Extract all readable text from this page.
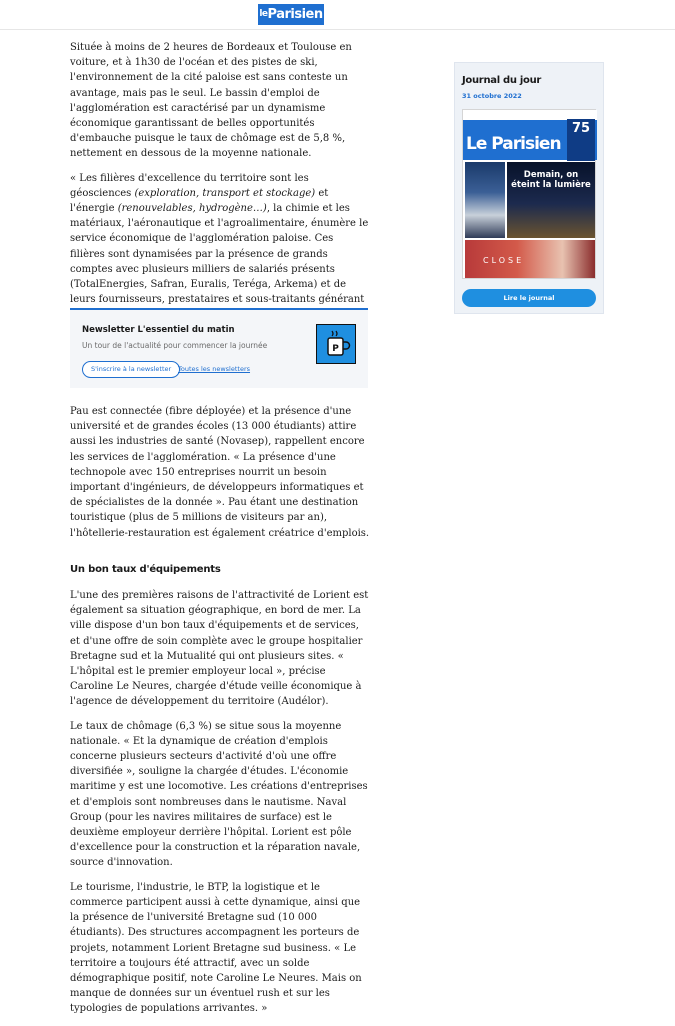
$^{le}$Parisien

Située à moins de 2 heures de Bordeaux et Toulouse en voiture, et à 1h30 de l'océan et des pistes de ski, l'environnement de la cité paloise est sans conteste un avantage, mais pas le seul. Le bassin d'emploi de l'agglomération est caractérisé par un dynamisme économique garantissant de belles opportunités d'embauche puisque le taux de chômage est de 5,8 %, nettement en dessous de la moyenne nationale.

« Les filières d'excellence du territoire sont les géosciences (exploration, transport et stockage) et l'énergie (renouvelables, hydrogène…), la chimie et les matériaux, l'aéronautique et l'agroalimentaire, énumère le service économique de l'agglomération paloise. Ces filières sont dynamisées par la présence de grands comptes avec plusieurs milliers de salariés présents (TotalEnergies, Safran, Euralis, Teréga, Arkema) et de leurs fournisseurs, prestataires et sous-traitants générant

Newsletter L'essentiel du matin
Un tour de l'actualité pour commencer la journée
S'inscrire à la newsletter	Toutes les newsletters
P

Pau est connectée (fibre déployée) et la présence d'une université et de grandes écoles (13 000 étudiants) attire aussi les industries de santé (Novasep), rappellent encore les services de l'agglomération. « La présence d'une technopole avec 150 entreprises nourrit un besoin important d'ingénieurs, de développeurs informatiques et de spécialistes de la donnée ». Pau étant une destination touristique (plus de 5 millions de visiteurs par an), l'hôtellerie-restauration est également créatrice d'emplois.

Un bon taux d'équipements

L'une des premières raisons de l'attractivité de Lorient est également sa situation géographique, en bord de mer. La ville dispose d'un bon taux d'équipements et de services, et d'une offre de soin complète avec le groupe hospitalier Bretagne sud et la Mutualité qui ont plusieurs sites. « L'hôpital est le premier employeur local », précise Caroline Le Neures, chargée d'étude veille économique à l'agence de développement du territoire (Audélor).

Le taux de chômage (6,3 %) se situe sous la moyenne nationale. « Et la dynamique de création d'emplois concerne plusieurs secteurs d'activité d'où une offre diversifiée », souligne la chargée d'études. L'économie maritime y est une locomotive. Les créations d'entreprises et d'emplois sont nombreuses dans le nautisme. Naval Group (pour les navires militaires de surface) est le deuxième employeur derrière l'hôpital. Lorient est pôle d'excellence pour la construction et la réparation navale, source d'innovation.

Le tourisme, l'industrie, le BTP, la logistique et le commerce participent aussi à cette dynamique, ainsi que la présence de l'université Bretagne sud (10 000 étudiants). Des structures accompagnent les porteurs de projets, notamment Lorient Bretagne sud business. « Le territoire a toujours été attractif, avec un solde démographique positif, note Caroline Le Neures. Mais on manque de données sur un éventuel rush et sur les typologies de populations arrivantes. »

Journal du jour
31 octobre 2022
Le Parisien
75
Demain, on éteint la lumière
CLOSE
Lire le journal
